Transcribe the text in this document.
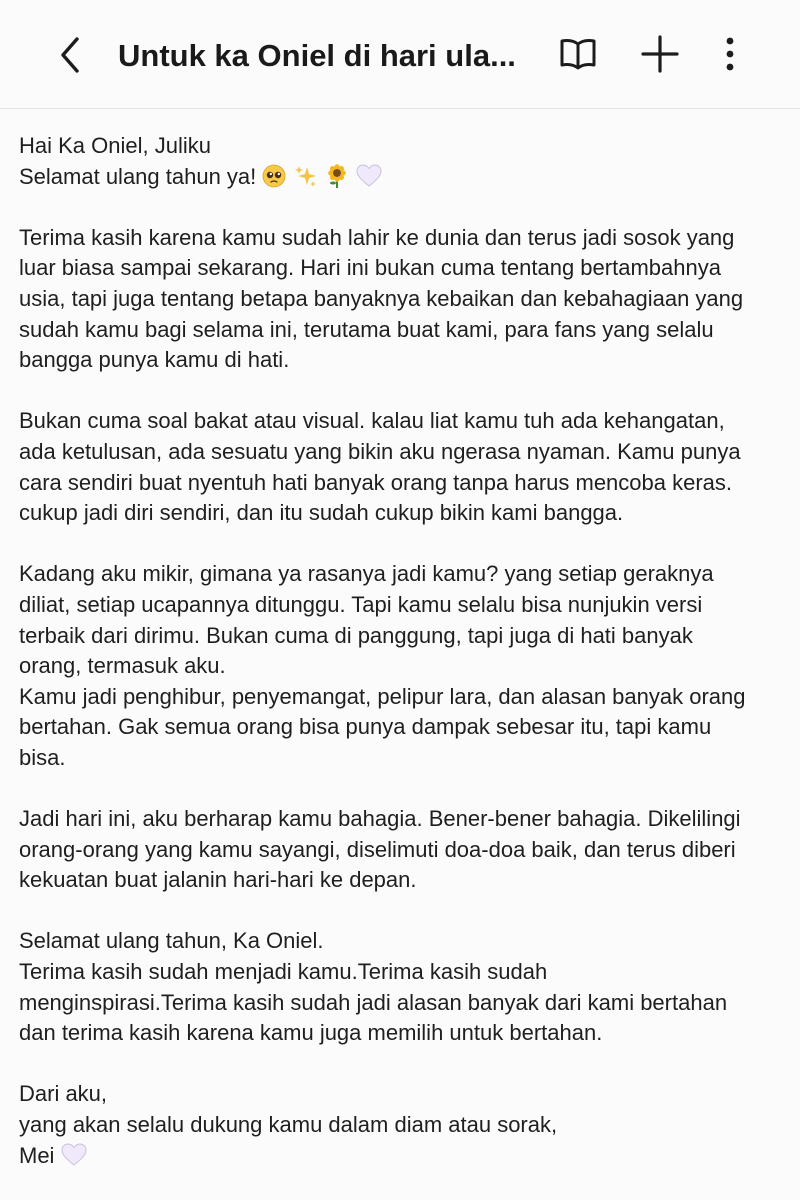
Untuk ka Oniel di hari ula...
Hai Ka Oniel, Juliku
Selamat ulang tahun ya!
Terima kasih karena kamu sudah lahir ke dunia dan terus jadi sosok yang
luar biasa sampai sekarang. Hari ini bukan cuma tentang bertambahnya
usia, tapi juga tentang betapa banyaknya kebaikan dan kebahagiaan yang
sudah kamu bagi selama ini, terutama buat kami, para fans yang selalu
bangga punya kamu di hati.
Bukan cuma soal bakat atau visual. kalau liat kamu tuh ada kehangatan,
ada ketulusan, ada sesuatu yang bikin aku ngerasa nyaman. Kamu punya
cara sendiri buat nyentuh hati banyak orang tanpa harus mencoba keras.
cukup jadi diri sendiri, dan itu sudah cukup bikin kami bangga.
Kadang aku mikir, gimana ya rasanya jadi kamu? yang setiap geraknya
diliat, setiap ucapannya ditunggu. Tapi kamu selalu bisa nunjukin versi
terbaik dari dirimu. Bukan cuma di panggung, tapi juga di hati banyak
orang, termasuk aku.
Kamu jadi penghibur, penyemangat, pelipur lara, dan alasan banyak orang
bertahan. Gak semua orang bisa punya dampak sebesar itu, tapi kamu
bisa.
Jadi hari ini, aku berharap kamu bahagia. Bener-bener bahagia. Dikelilingi
orang-orang yang kamu sayangi, diselimuti doa-doa baik, dan terus diberi
kekuatan buat jalanin hari-hari ke depan.
Selamat ulang tahun, Ka Oniel.
Terima kasih sudah menjadi kamu.Terima kasih sudah
menginspirasi.Terima kasih sudah jadi alasan banyak dari kami bertahan
dan terima kasih karena kamu juga memilih untuk bertahan.
Dari aku,
yang akan selalu dukung kamu dalam diam atau sorak,
Mei
